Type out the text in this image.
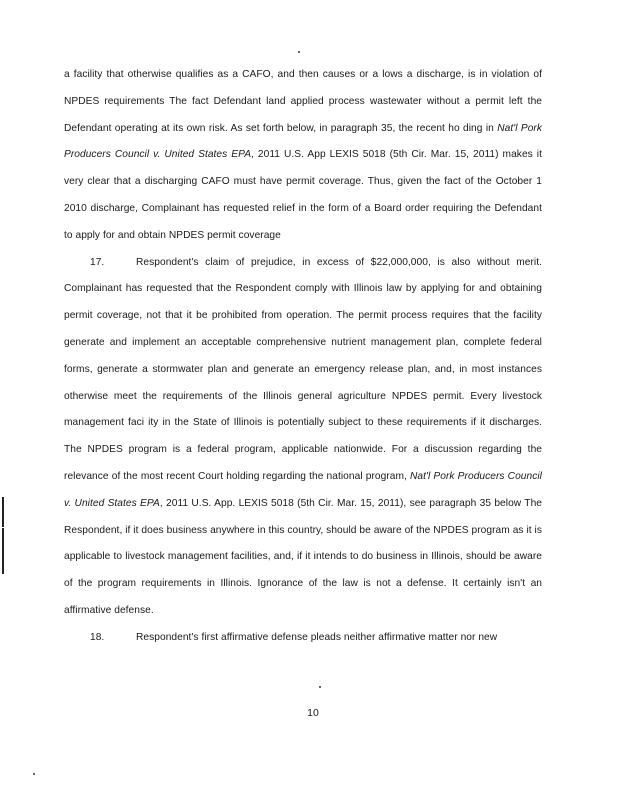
a facility that otherwise qualifies as a CAFO, and then causes or a lows a discharge, is in violation of NPDES requirements The fact Defendant land applied process wastewater without a permit left the Defendant operating at its own risk. As set forth below, in paragraph 35, the recent ho ding in Nat'l Pork Producers Council v. United States EPA, 2011 U.S. App LEXIS 5018 (5th Cir. Mar. 15, 2011) makes it very clear that a discharging CAFO must have permit coverage. Thus, given the fact of the October 1 2010 discharge, Complainant has requested relief in the form of a Board order requiring the Defendant to apply for and obtain NPDES permit coverage

17.	Respondent's claim of prejudice, in excess of $22,000,000, is also without merit. Complainant has requested that the Respondent comply with Illinois law by applying for and obtaining permit coverage, not that it be prohibited from operation. The permit process requires that the facility generate and implement an acceptable comprehensive nutrient management plan, complete federal forms, generate a stormwater plan and generate an emergency release plan, and, in most instances otherwise meet the requirements of the Illinois general agriculture NPDES permit. Every livestock management faci ity in the State of Illinois is potentially subject to these requirements if it discharges. The NPDES program is a federal program, applicable nationwide. For a discussion regarding the relevance of the most recent Court holding regarding the national program, Nat'l Pork Producers Council v. United States EPA, 2011 U.S. App. LEXIS 5018 (5th Cir. Mar. 15, 2011), see paragraph 35 below The Respondent, if it does business anywhere in this country, should be aware of the NPDES program as it is applicable to livestock management facilities, and, if it intends to do business in Illinois, should be aware of the program requirements in Illinois. Ignorance of the law is not a defense. It certainly isn't an affirmative defense.

18.	Respondent's first affirmative defense pleads neither affirmative matter nor new

10
